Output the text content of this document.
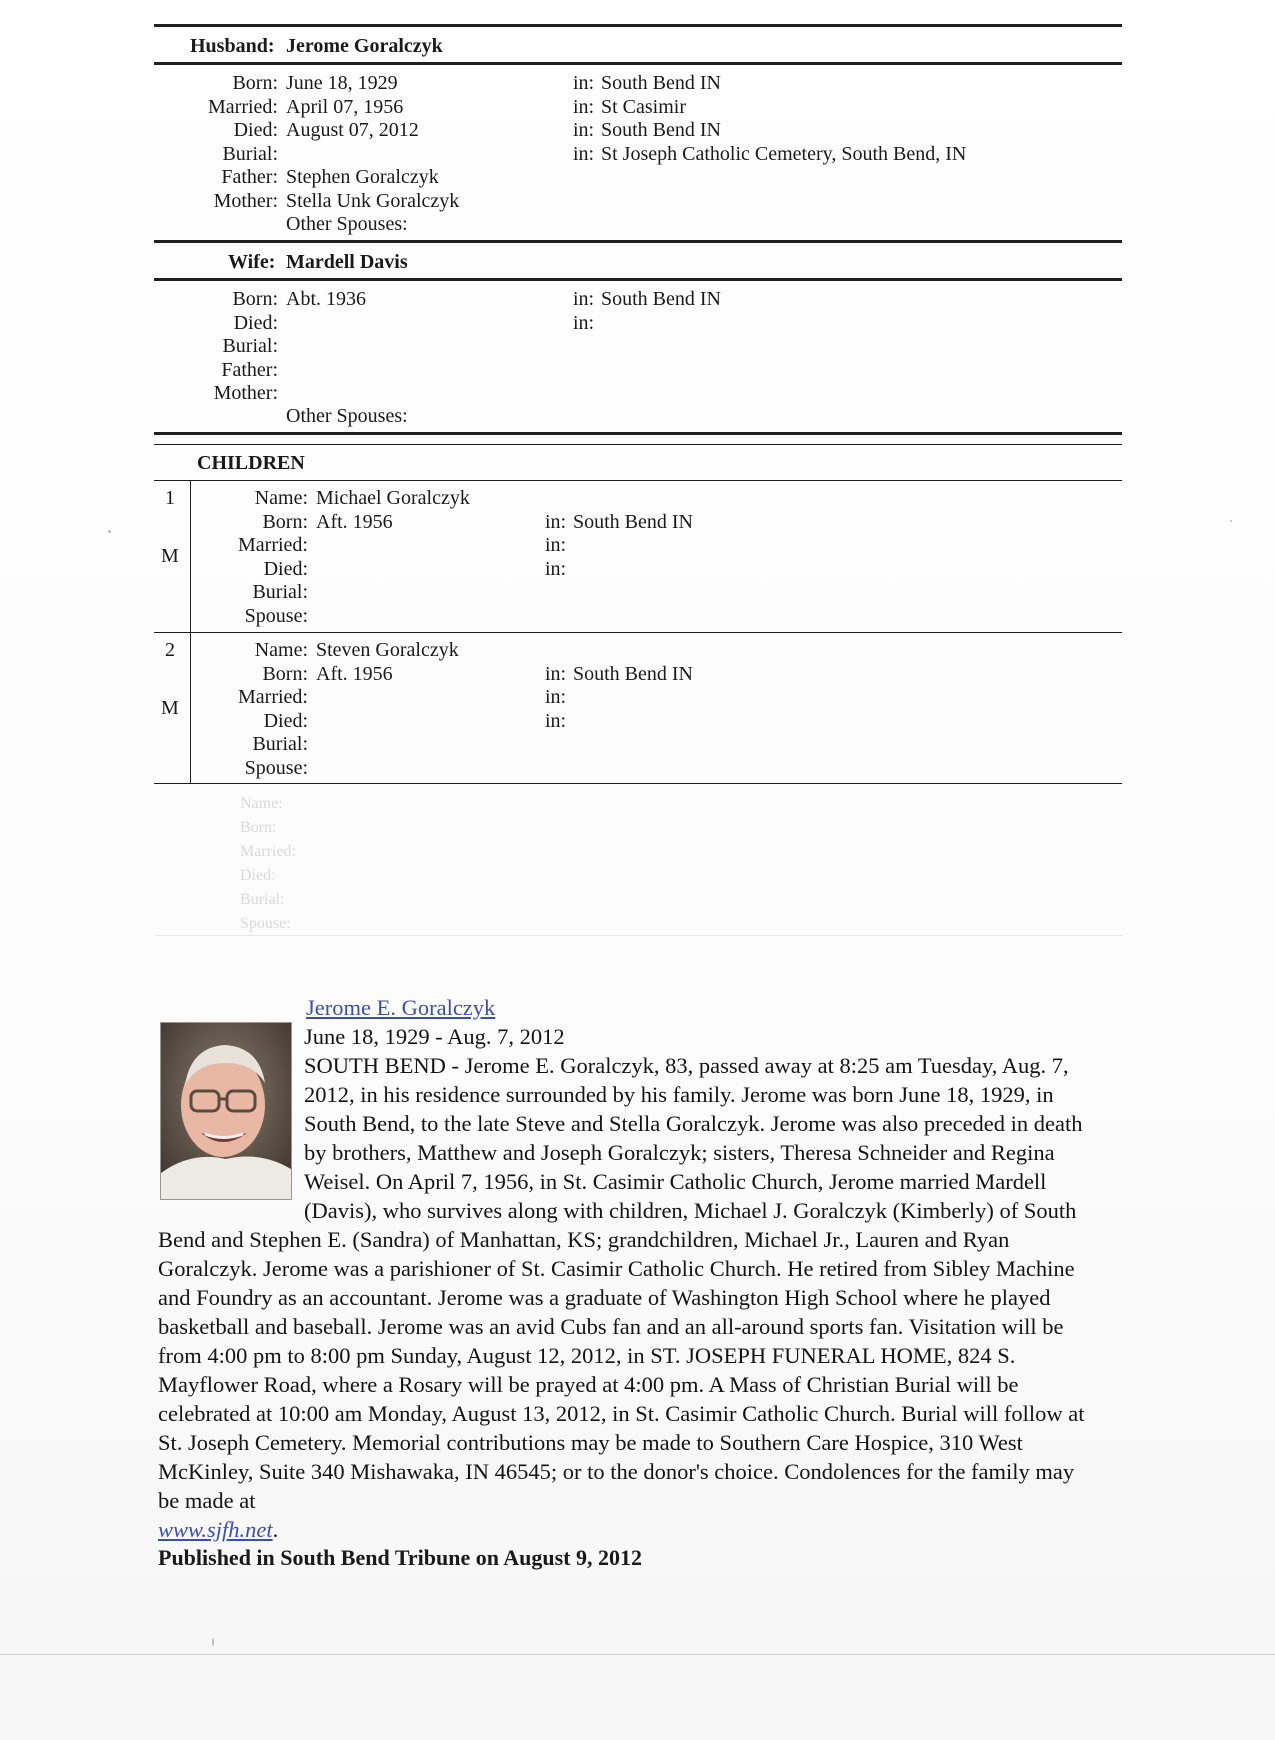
Husband: Jerome Goralczyk
Born: June 18, 1929	in: South Bend IN
Married: April 07, 1956	in: St Casimir
Died: August 07, 2012	in: South Bend IN
Burial:	in: St Joseph Catholic Cemetery, South Bend, IN
Father: Stephen Goralczyk
Mother: Stella Unk Goralczyk
Other Spouses:
Wife: Mardell Davis
Born: Abt. 1936	in: South Bend IN
Died:	in:
Burial:
Father:
Mother:
Other Spouses:
CHILDREN
1
M
Name: Michael Goralczyk
Born: Aft. 1956	in: South Bend IN
Married:	in:
Died:	in:
Burial:
Spouse:
2
M
Name: Steven Goralczyk
Born: Aft. 1956	in: South Bend IN
Married:	in:
Died:	in:
Burial:
Spouse:
Name:
Born:
Married:
Died:
Burial:
Spouse:
Jerome E. Goralczyk
June 18, 1929 - Aug. 7, 2012
SOUTH BEND - Jerome E. Goralczyk, 83, passed away at 8:25 am Tuesday, Aug. 7, 2012, in his residence surrounded by his family. Jerome was born June 18, 1929, in South Bend, to the late Steve and Stella Goralczyk. Jerome was also preceded in death by brothers, Matthew and Joseph Goralczyk; sisters, Theresa Schneider and Regina Weisel. On April 7, 1956, in St. Casimir Catholic Church, Jerome married Mardell (Davis), who survives along with children, Michael J. Goralczyk (Kimberly) of South Bend and Stephen E. (Sandra) of Manhattan, KS; grandchildren, Michael Jr., Lauren and Ryan Goralczyk. Jerome was a parishioner of St. Casimir Catholic Church. He retired from Sibley Machine and Foundry as an accountant. Jerome was a graduate of Washington High School where he played basketball and baseball. Jerome was an avid Cubs fan and an all-around sports fan. Visitation will be from 4:00 pm to 8:00 pm Sunday, August 12, 2012, in ST. JOSEPH FUNERAL HOME, 824 S. Mayflower Road, where a Rosary will be prayed at 4:00 pm. A Mass of Christian Burial will be celebrated at 10:00 am Monday, August 13, 2012, in St. Casimir Catholic Church. Burial will follow at St. Joseph Cemetery. Memorial contributions may be made to Southern Care Hospice, 310 West McKinley, Suite 340 Mishawaka, IN 46545; or to the donor's choice. Condolences for the family may be made at
www.sjfh.net.
Published in South Bend Tribune on August 9, 2012
